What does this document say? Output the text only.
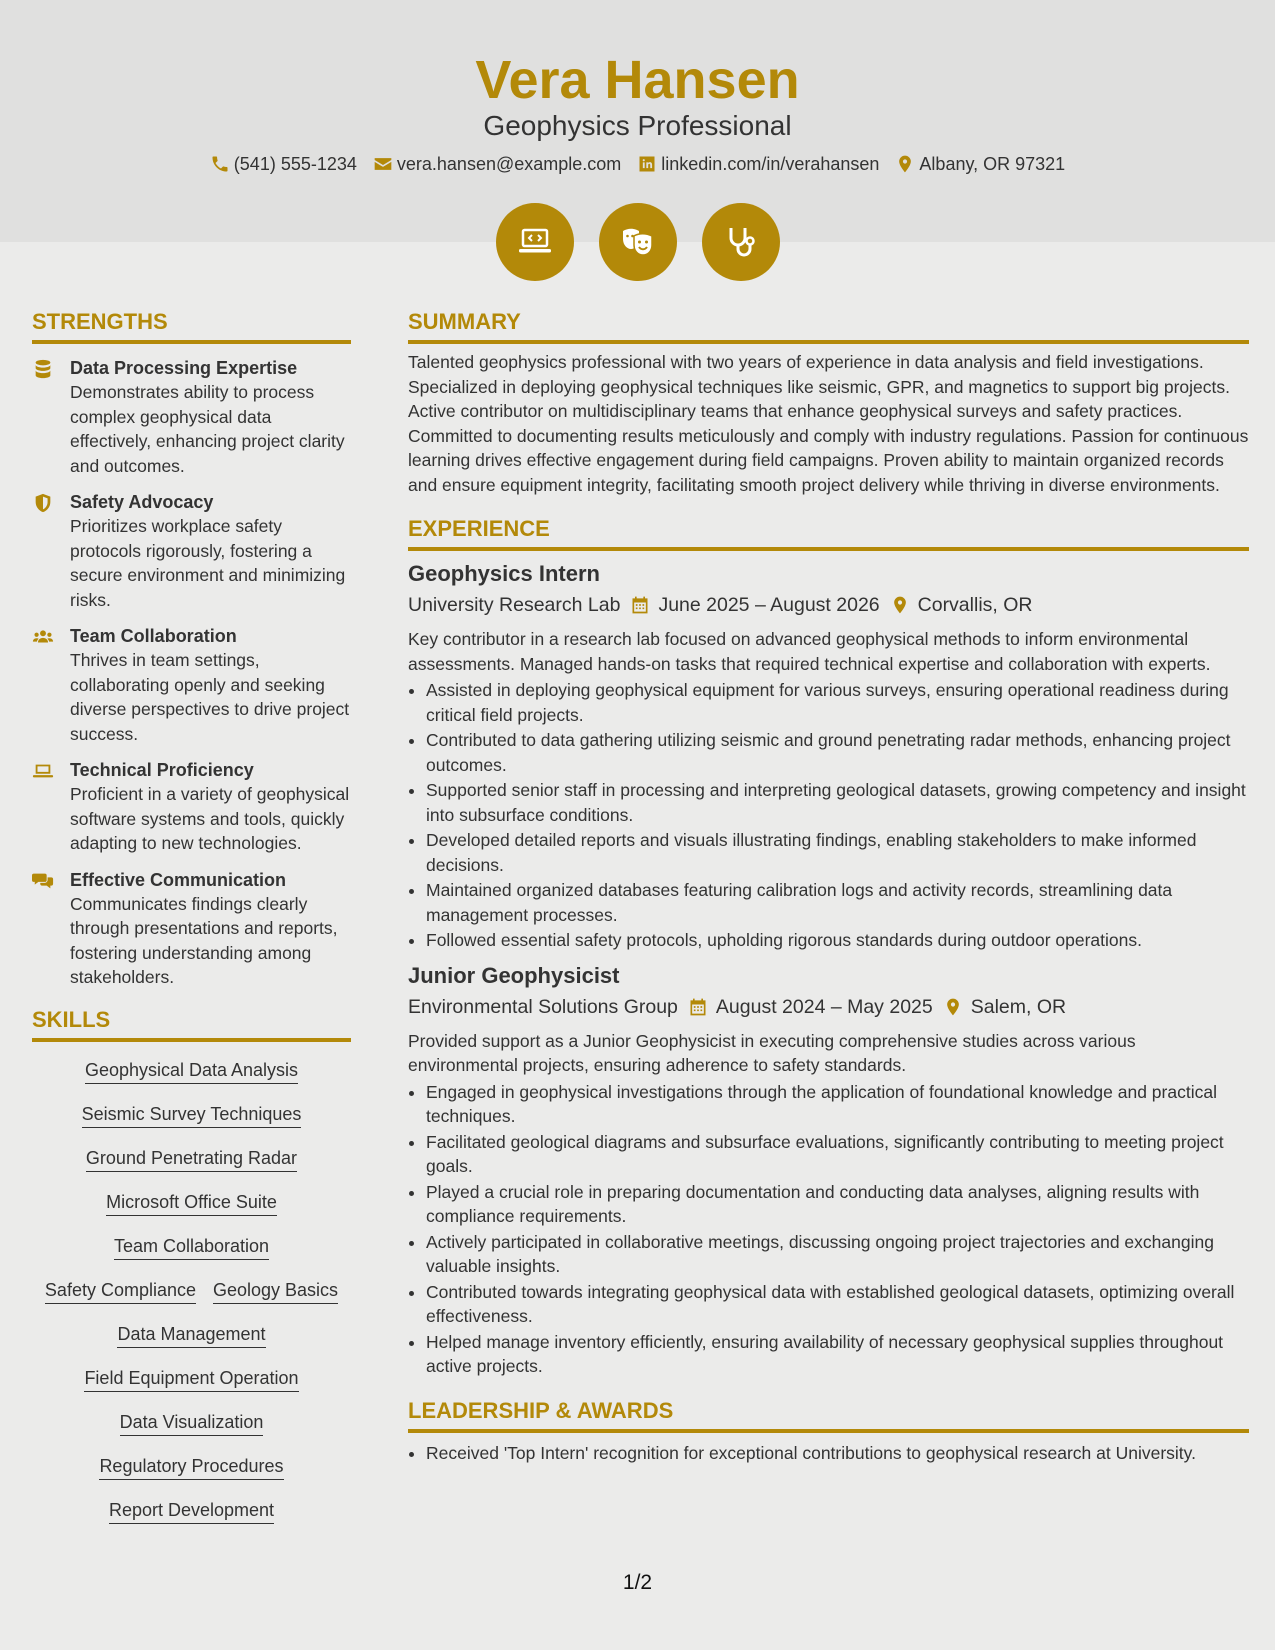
Vera Hansen
Geophysics Professional
(541) 555-1234 vera.hansen@example.com linkedin.com/in/verahansen Albany, OR 97321
STRENGTHS
Data Processing Expertise
Demonstrates ability to process complex geophysical data effectively, enhancing project clarity and outcomes.
Safety Advocacy
Prioritizes workplace safety protocols rigorously, fostering a secure environment and minimizing risks.
Team Collaboration
Thrives in team settings, collaborating openly and seeking diverse perspectives to drive project success.
Technical Proficiency
Proficient in a variety of geophysical software systems and tools, quickly adapting to new technologies.
Effective Communication
Communicates findings clearly through presentations and reports, fostering understanding among stakeholders.
SKILLS
Geophysical Data Analysis
Seismic Survey Techniques
Ground Penetrating Radar
Microsoft Office Suite
Team Collaboration
Safety Compliance Geology Basics
Data Management
Field Equipment Operation
Data Visualization
Regulatory Procedures
Report Development
SUMMARY

Talented geophysics professional with two years of experience in data analysis and field investigations. Specialized in deploying geophysical techniques like seismic, GPR, and magnetics to support big projects. Active contributor on multidisciplinary teams that enhance geophysical surveys and safety practices. Committed to documenting results meticulously and comply with industry regulations. Passion for continuous learning drives effective engagement during field campaigns. Proven ability to maintain organized records and ensure equipment integrity, facilitating smooth project delivery while thriving in diverse environments.

EXPERIENCE
Geophysics Intern
University Research Lab June 2025 – August 2026 Corvallis, OR

Key contributor in a research lab focused on advanced geophysical methods to inform environmental assessments. Managed hands-on tasks that required technical expertise and collaboration with experts.

• Assisted in deploying geophysical equipment for various surveys, ensuring operational readiness during critical field projects.
• Contributed to data gathering utilizing seismic and ground penetrating radar methods, enhancing project outcomes.
• Supported senior staff in processing and interpreting geological datasets, growing competency and insight into subsurface conditions.
• Developed detailed reports and visuals illustrating findings, enabling stakeholders to make informed decisions.
• Maintained organized databases featuring calibration logs and activity records, streamlining data management processes.
• Followed essential safety protocols, upholding rigorous standards during outdoor operations.
Junior Geophysicist
Environmental Solutions Group August 2024 – May 2025 Salem, OR

Provided support as a Junior Geophysicist in executing comprehensive studies across various environmental projects, ensuring adherence to safety standards.

• Engaged in geophysical investigations through the application of foundational knowledge and practical techniques.
• Facilitated geological diagrams and subsurface evaluations, significantly contributing to meeting project goals.
• Played a crucial role in preparing documentation and conducting data analyses, aligning results with compliance requirements.
• Actively participated in collaborative meetings, discussing ongoing project trajectories and exchanging valuable insights.
• Contributed towards integrating geophysical data with established geological datasets, optimizing overall effectiveness.
• Helped manage inventory efficiently, ensuring availability of necessary geophysical supplies throughout active projects.
LEADERSHIP & AWARDS
• Received 'Top Intern' recognition for exceptional contributions to geophysical research at University.
1/2
